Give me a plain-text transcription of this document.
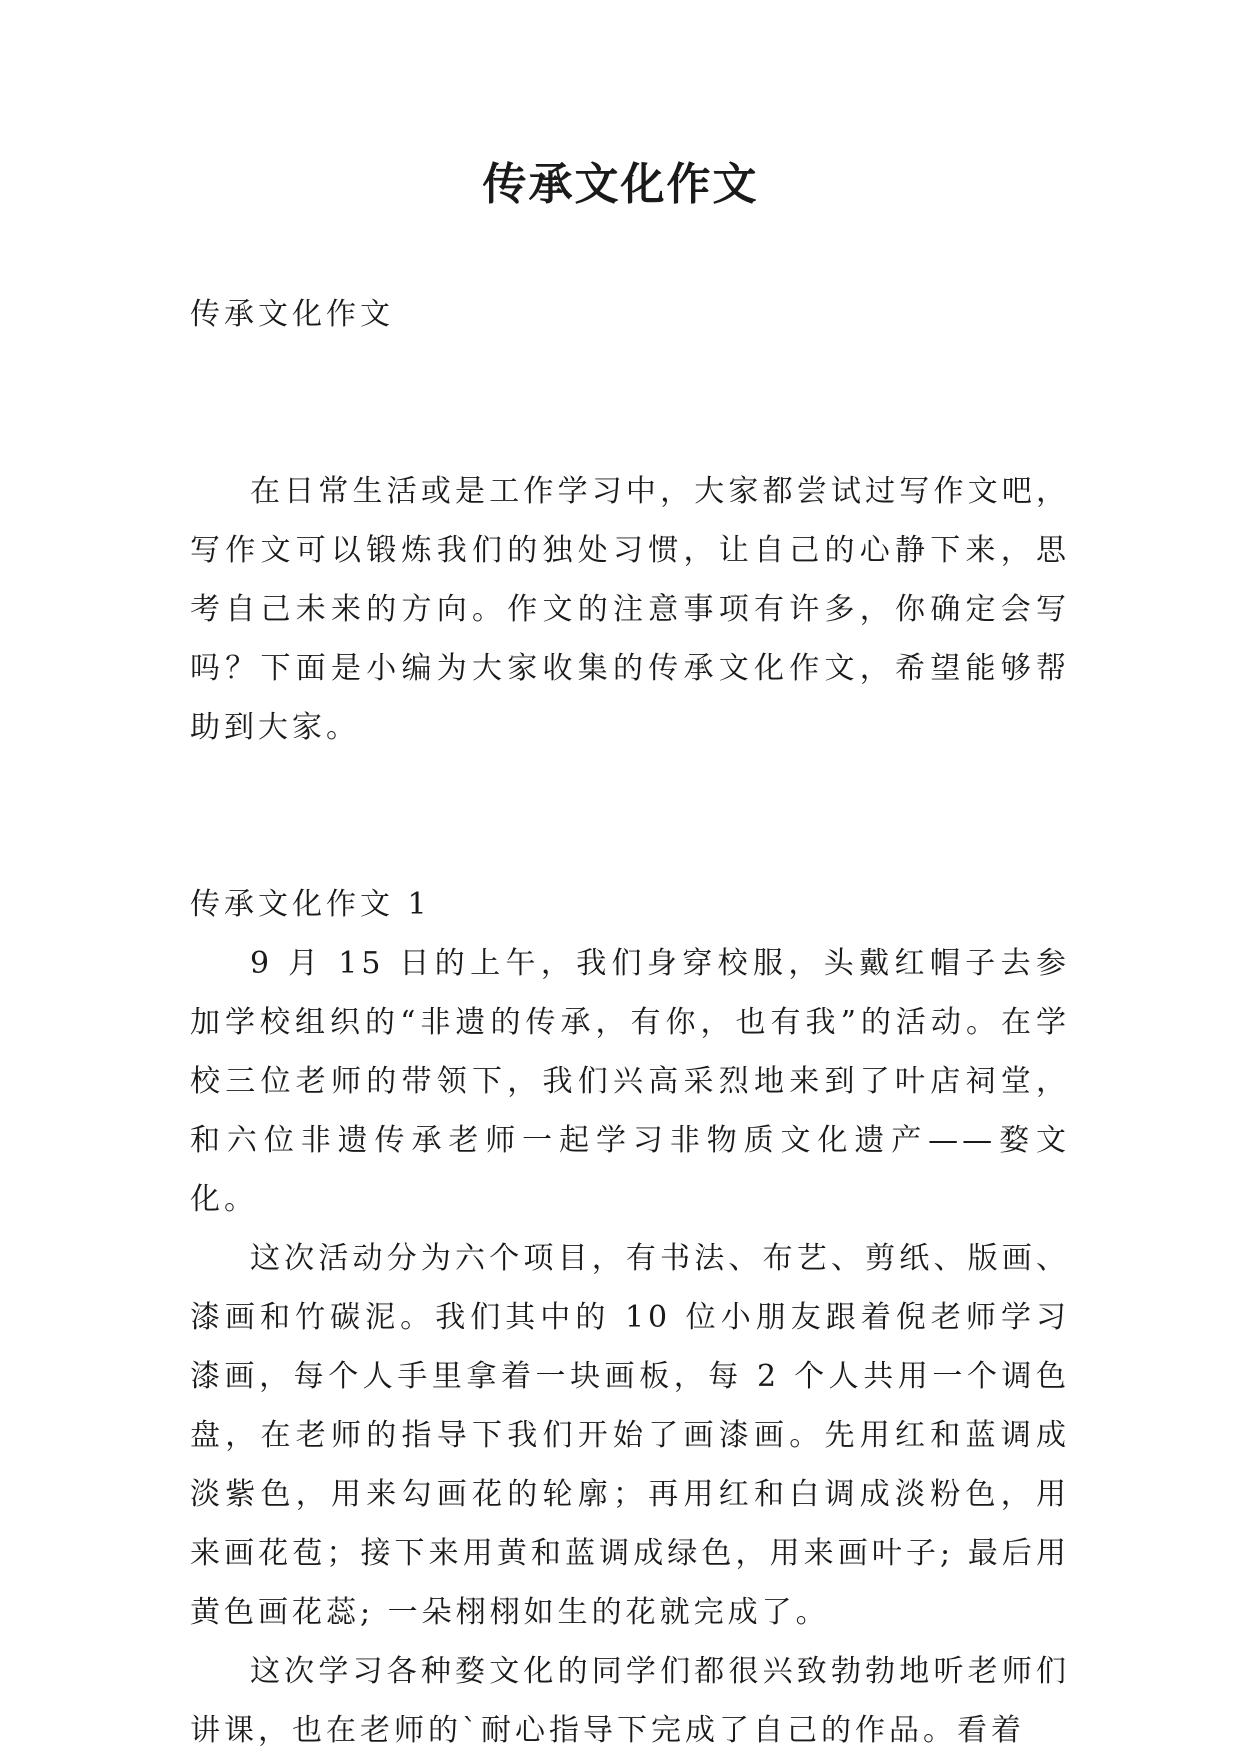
传承文化作文

传承文化作文

在日常生活或是工作学习中，大家都尝试过写作文吧，写作文可以锻炼我们的独处习惯，让自己的心静下来，思考自己未来的方向。作文的注意事项有许多，你确定会写吗？下面是小编为大家收集的传承文化作文，希望能够帮助到大家。

传承文化作文 1

9 月 15 日的上午，我们身穿校服，头戴红帽子去参加学校组织的“非遗的传承，有你，也有我”的活动。在学校三位老师的带领下，我们兴高采烈地来到了叶店祠堂，和六位非遗传承老师一起学习非物质文化遗产——婺文化。

这次活动分为六个项目，有书法、布艺、剪纸、版画、漆画和竹碳泥。我们其中的 10 位小朋友跟着倪老师学习漆画，每个人手里拿着一块画板，每 2 个人共用一个调色盘，在老师的指导下我们开始了画漆画。先用红和蓝调成淡紫色，用来勾画花的轮廓；再用红和白调成淡粉色，用来画花苞；接下来用黄和蓝调成绿色，用来画叶子; 最后用黄色画花蕊; 一朵栩栩如生的花就完成了。

这次学习各种婺文化的同学们都很兴致勃勃地听老师们讲课，也在老师的`耐心指导下完成了自己的作品。看着
